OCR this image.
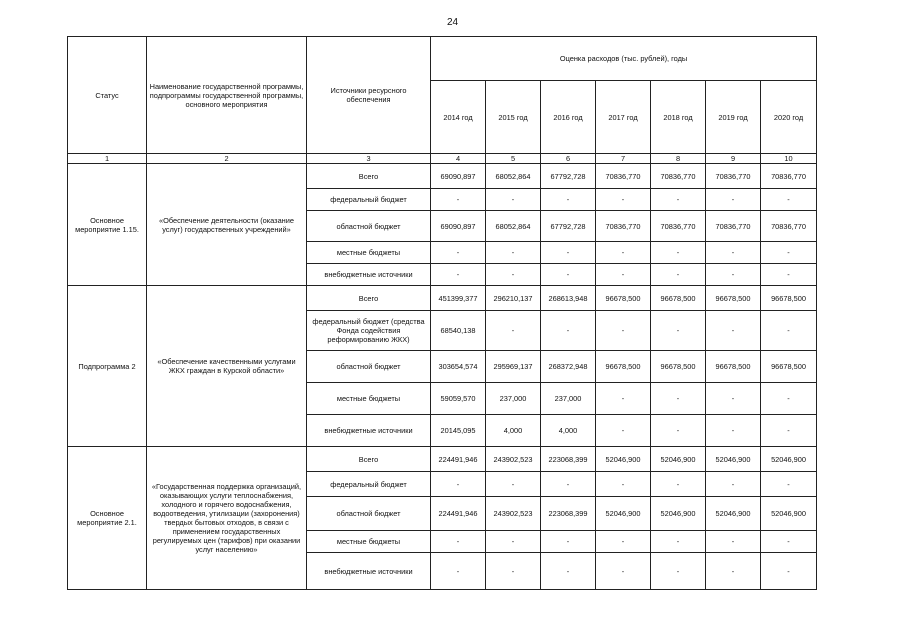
24
Статус	Наименование государственной программы, подпрограммы государственной программы, основного мероприятия	Источники ресурсного обеспечения	Оценка расходов (тыс. рублей), годы						
			2014 год	2015 год	2016 год	2017 год	2018 год	2019 год	2020 год
1	2	3	4	5	6	7	8	9	10
Основное мероприятие 1.15.	«Обеспечение деятельности (оказание услуг) государственных учреждений»	Всего	69090,897	68052,864	67792,728	70836,770	70836,770	70836,770	70836,770
		федеральный бюджет	-	-	-	-	-	-	-
		областной бюджет	69090,897	68052,864	67792,728	70836,770	70836,770	70836,770	70836,770
		местные бюджеты	-	-	-	-	-	-	-
		внебюджетные источники	-	-	-	-	-	-	-
Подпрограмма 2	«Обеспечение качественными услугами ЖКХ граждан в Курской области»	Всего	451399,377	296210,137	268613,948	96678,500	96678,500	96678,500	96678,500
		федеральный бюджет (средства Фонда содействия реформированию ЖКХ)	68540,138	-	-	-	-	-	-
		областной бюджет	303654,574	295969,137	268372,948	96678,500	96678,500	96678,500	96678,500
		местные бюджеты	59059,570	237,000	237,000	-	-	-	-
		внебюджетные источники	20145,095	4,000	4,000	-	-	-	-
Основное мероприятие 2.1.	«Государственная поддержка организаций, оказывающих услуги теплоснабжения, холодного и горячего водоснабжения, водоотведения, утилизации (захоронения) твердых бытовых отходов, в связи с применением государственных регулируемых цен (тарифов) при оказании услуг населению»	Всего	224491,946	243902,523	223068,399	52046,900	52046,900	52046,900	52046,900
		федеральный бюджет	-	-	-	-	-	-	-
		областной бюджет	224491,946	243902,523	223068,399	52046,900	52046,900	52046,900	52046,900
		местные бюджеты	-	-	-	-	-	-	-
		внебюджетные источники	-	-	-	-	-	-	-
